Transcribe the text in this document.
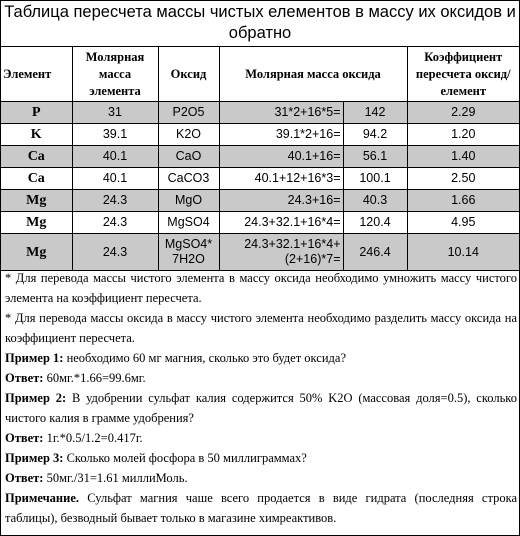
Таблица пересчета массы чистых елементов в массу их оксидов и обратно
Элемент	Молярная масса элемента	Оксид	Молярная масса оксида		Коэффициент пересчета оксид/елемент
P	31	P2O5	31*2+16*5=	142	2.29
K	39.1	K2O	39.1*2+16=	94.2	1.20
Ca	40.1	CaO	40.1+16=	56.1	1.40
Ca	40.1	CaCO3	40.1+12+16*3=	100.1	2.50
Mg	24.3	MgO	24.3+16=	40.3	1.66
Mg	24.3	MgSO4	24.3+32.1+16*4=	120.4	4.95
Mg	24.3	MgSO4* 7H2O	24.3+32.1+16*4+ (2+16)*7=	246.4	10.14

* Для перевода массы чистого элемента в массу оксида необходимо умножить массу чистого элемента на коэффициент пересчета.

* Для перевода массы оксида в массу чистого элемента необходимо разделить массу оксида на коэффициент пересчета.

Пример 1: необходимо 60 мг магния, сколько это будет оксида?

Ответ: 60мг.*1.66=99.6мг.

Пример 2: В удобрении сульфат калия содержится 50% K2O (массовая доля=0.5), сколько чистого калия в грамме удобрения?

Ответ: 1г.*0.5/1.2=0.417г.

Пример 3: Сколько молей фосфора в 50 миллиграммах?

Ответ: 50мг./31=1.61 миллиМоль.

Примечание. Сульфат магния чаше всего продается в виде гидрата (последняя строка таблицы), безводный бывает только в магазине химреактивов.
